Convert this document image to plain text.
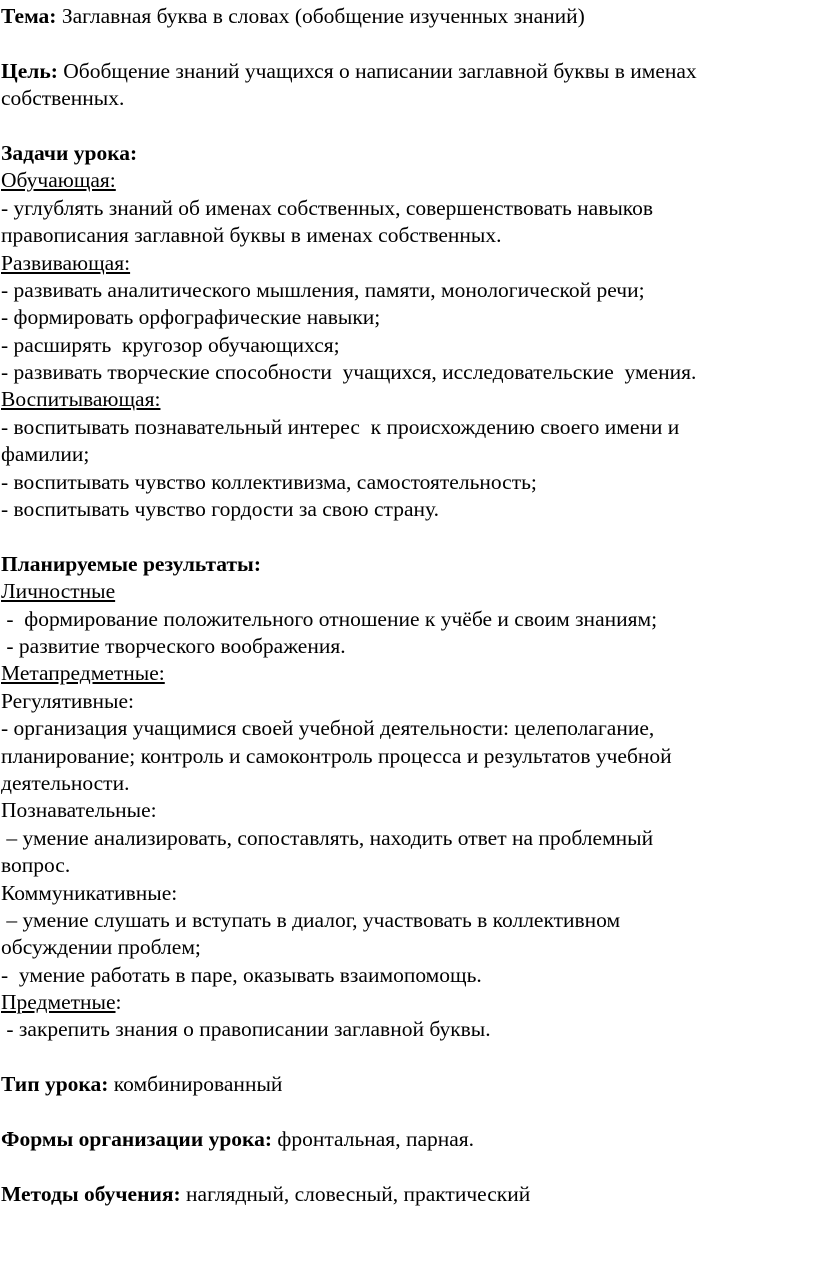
Тема: Заглавная буква в словах (обобщение изученных знаний)

Цель: Обобщение знаний учащихся о написании заглавной буквы в именах

собственных.

Задачи урока:

Обучающая:

- углублять знаний об именах собственных, совершенствовать навыков

правописания заглавной буквы в именах собственных.

Развивающая:

- развивать аналитического мышления, памяти, монологической речи;

- формировать орфографические навыки;

- расширять  кругозор обучающихся;

- развивать творческие способности  учащихся, исследовательские  умения.

Воспитывающая:

- воспитывать познавательный интерес  к происхождению своего имени и

фамилии;

- воспитывать чувство коллективизма, самостоятельность;

- воспитывать чувство гордости за свою страну.

Планируемые результаты:

Личностные

-  формирование положительного отношение к учёбе и своим знаниям;

- развитие творческого воображения.

Метапредметные:

Регулятивные:

- организация учащимися своей учебной деятельности: целеполагание,

планирование; контроль и самоконтроль процесса и результатов учебной

деятельности.

Познавательные:

– умение анализировать, сопоставлять, находить ответ на проблемный

вопрос.

Коммуникативные:

– умение слушать и вступать в диалог, участвовать в коллективном

обсуждении проблем;

-  умение работать в паре, оказывать взаимопомощь.

Предметные:

- закрепить знания о правописании заглавной буквы.

Тип урока: комбинированный

Формы организации урока: фронтальная, парная.

Методы обучения: наглядный, словесный, практический
